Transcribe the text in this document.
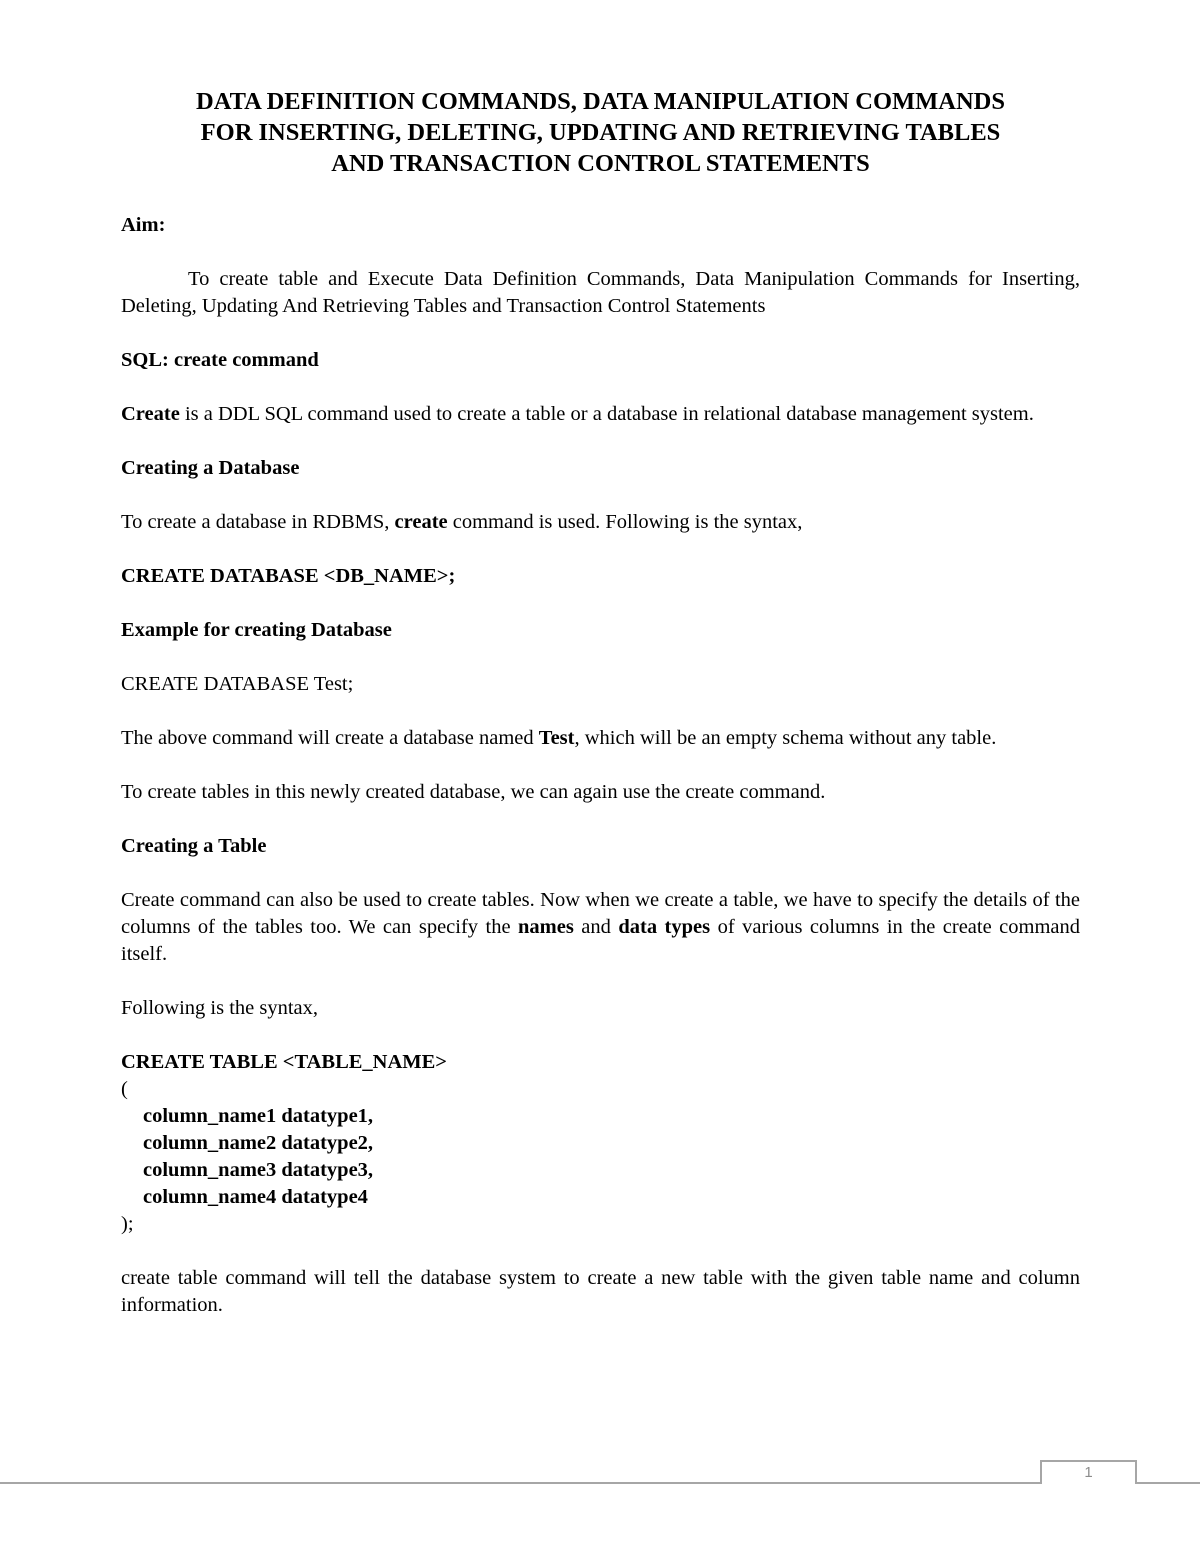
DATA DEFINITION COMMANDS, DATA MANIPULATION COMMANDS

FOR INSERTING, DELETING, UPDATING AND RETRIEVING TABLES

AND TRANSACTION CONTROL STATEMENTS

Aim:

To create table and Execute Data Definition Commands, Data Manipulation Commands for Inserting, Deleting, Updating And Retrieving Tables and Transaction Control Statements

SQL: create command

Create is a DDL SQL command used to create a table or a database in relational database management system.

Creating a Database

To create a database in RDBMS, create command is used. Following is the syntax,

CREATE DATABASE <DB_NAME>;

Example for creating Database

CREATE DATABASE Test;

The above command will create a database named Test, which will be an empty schema without any table.

To create tables in this newly created database, we can again use the create command.

Creating a Table

Create command can also be used to create tables. Now when we create a table, we have to specify the details of the columns of the tables too. We can specify the names and data types of various columns in the create command itself.

Following is the syntax,

CREATE TABLE <TABLE_NAME>

(

column_name1 datatype1,

column_name2 datatype2,

column_name3 datatype3,

column_name4 datatype4

);

create table command will tell the database system to create a new table with the given table name and column information.

1
